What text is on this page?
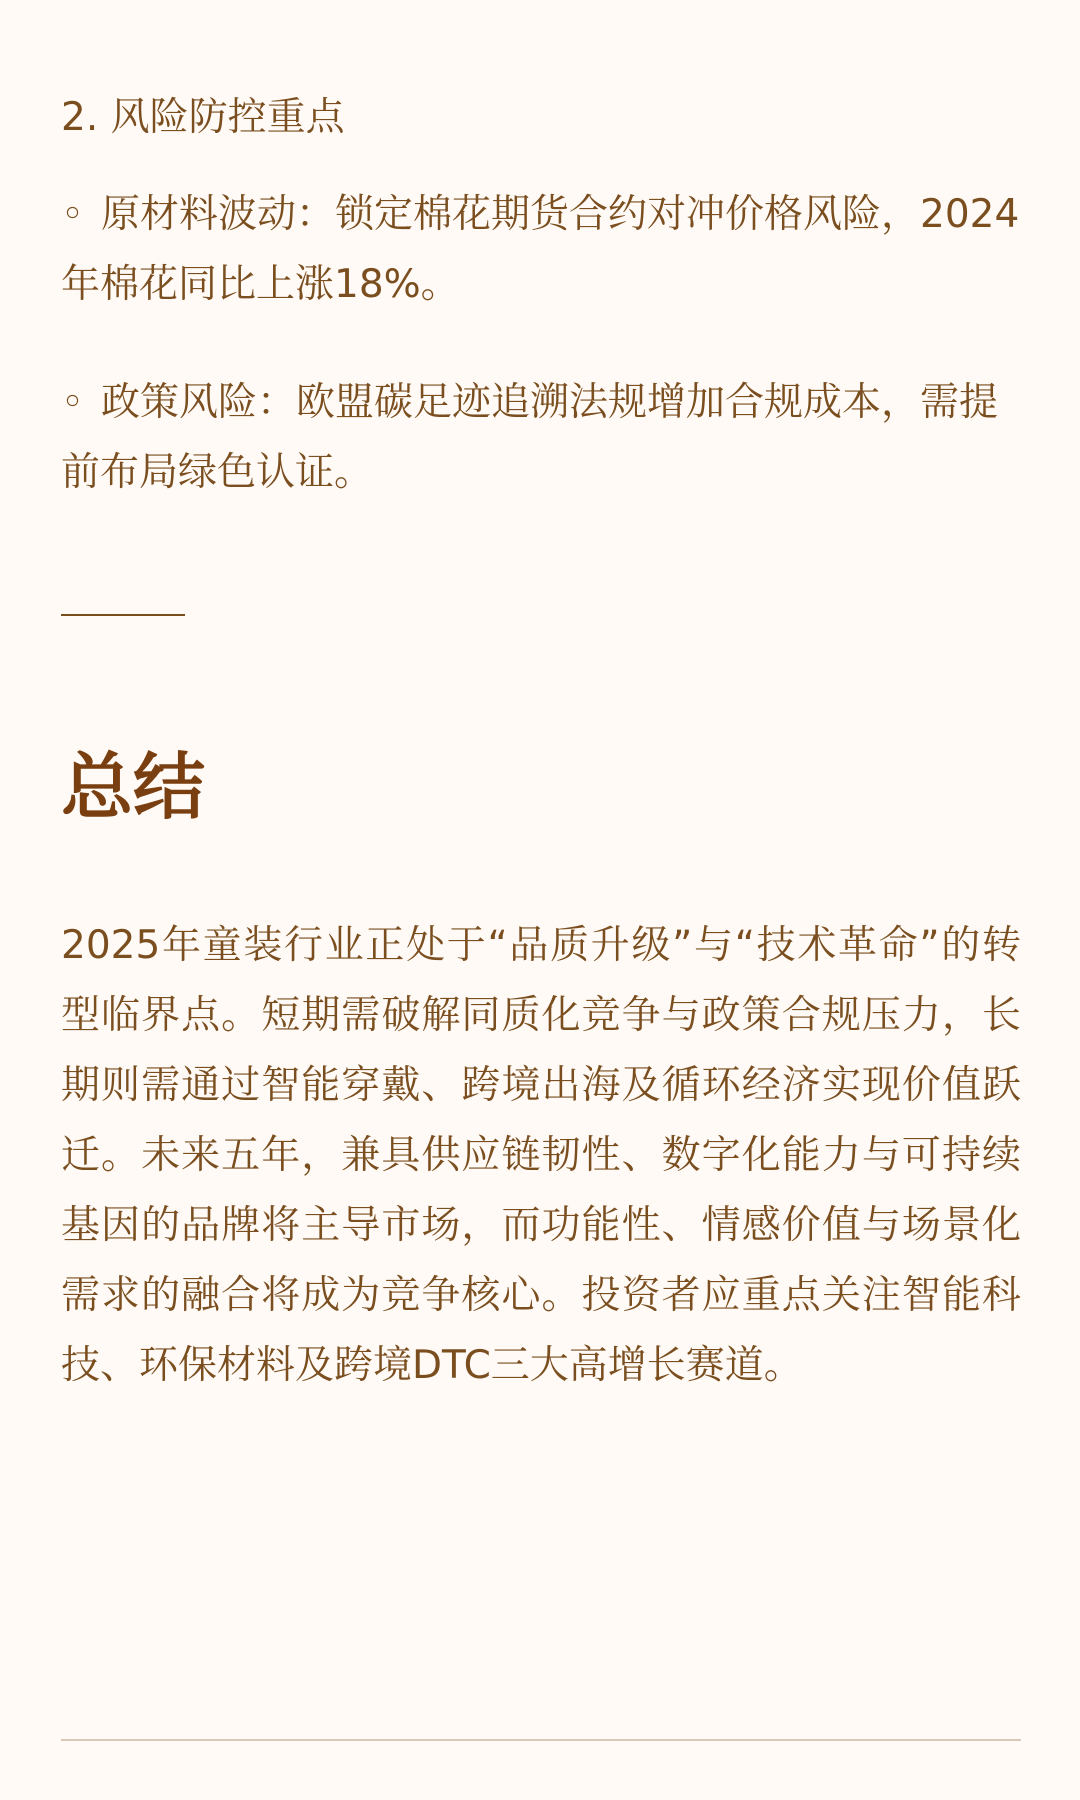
2. 风险防控重点
◦ 原材料波动：锁定棉花期货合约对冲价格风险，2024年棉花同比上涨18%。
◦ 政策风险：欧盟碳足迹追溯法规增加合规成本，需提前布局绿色认证。
总结
2025年童装行业正处于“品质升级”与“技术革命”的转型临界点。短期需破解同质化竞争与政策合规压力，长期则需通过智能穿戴、跨境出海及循环经济实现价值跃迁。未来五年，兼具供应链韧性、数字化能力与可持续基因的品牌将主导市场，而功能性、情感价值与场景化需求的融合将成为竞争核心。投资者应重点关注智能科技、环保材料及跨境DTC三大高增长赛道。
